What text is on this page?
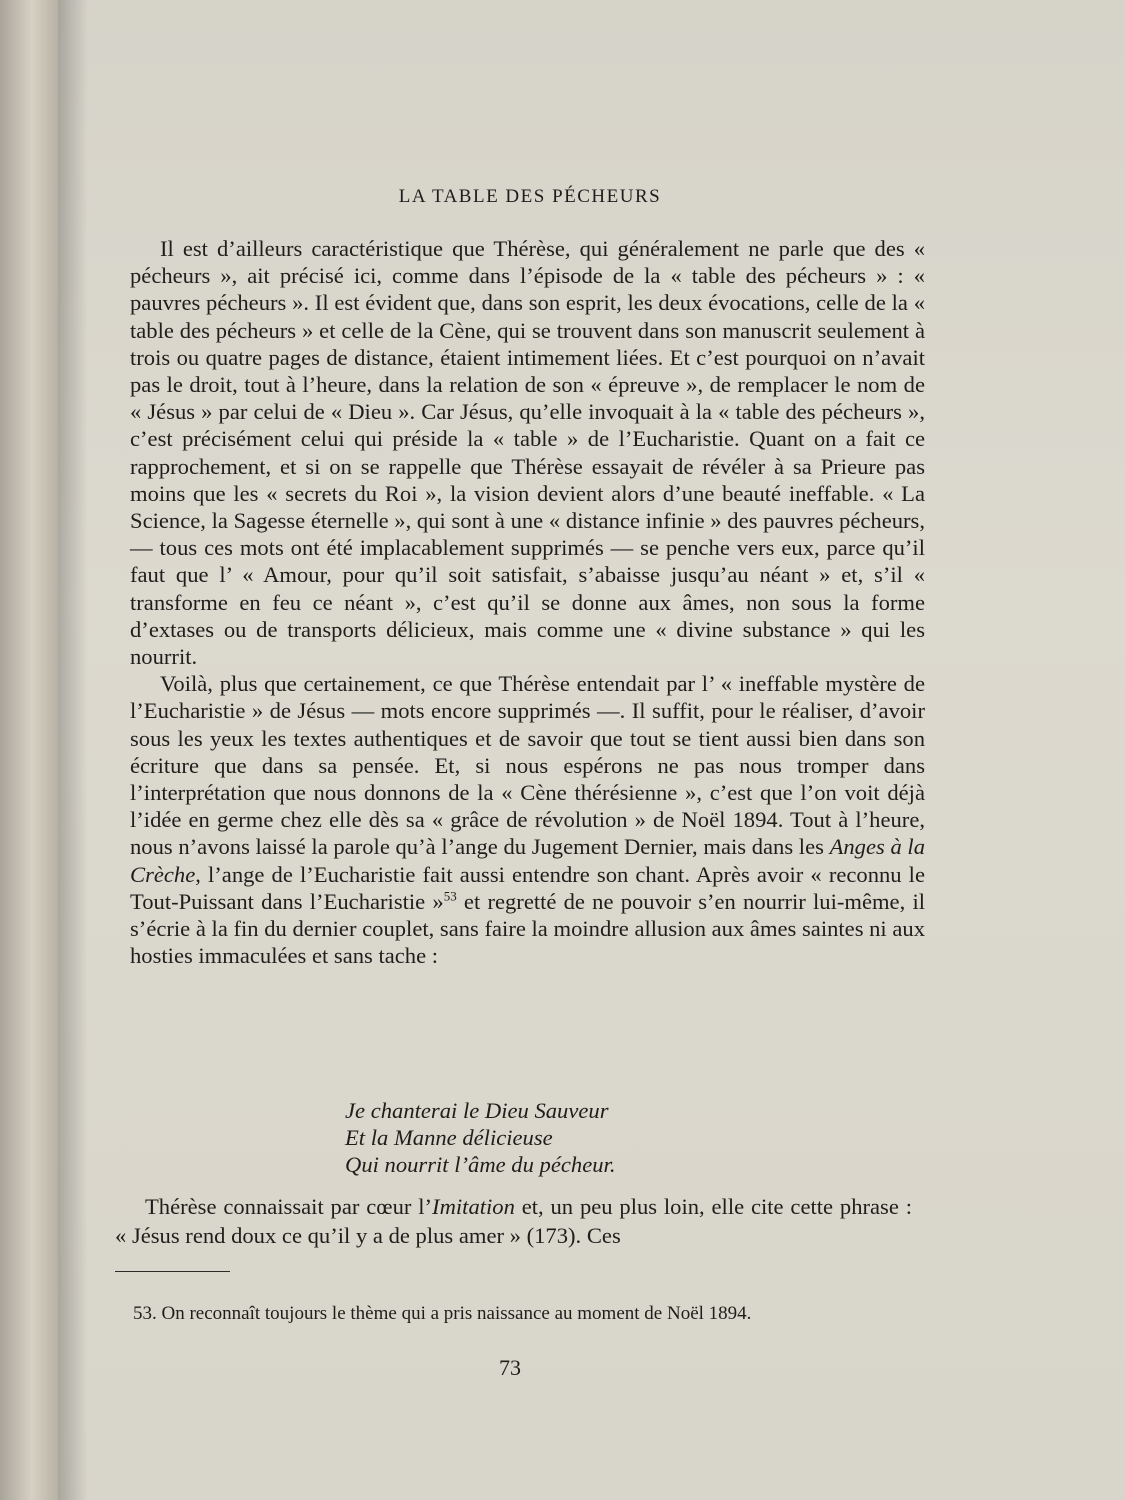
LA TABLE DES PÉCHEURS

Il est d’ailleurs caractéristique que Thérèse, qui généralement ne parle que des « pécheurs », ait précisé ici, comme dans l’épisode de la « table des pécheurs » : « pauvres pécheurs ». Il est évident que, dans son esprit, les deux évocations, celle de la « table des pécheurs » et celle de la Cène, qui se trouvent dans son manuscrit seulement à trois ou quatre pages de distance, étaient intimement liées. Et c’est pourquoi on n’avait pas le droit, tout à l’heure, dans la relation de son « épreuve », de remplacer le nom de « Jésus » par celui de « Dieu ». Car Jésus, qu’elle invoquait à la « table des pécheurs », c’est précisément celui qui préside la « table » de l’Eucharistie. Quant on a fait ce rapprochement, et si on se rappelle que Thérèse essayait de révéler à sa Prieure pas moins que les « secrets du Roi », la vision devient alors d’une beauté ineffable. « La Science, la Sagesse éternelle », qui sont à une « distance infinie » des pauvres pécheurs, — tous ces mots ont été implacablement supprimés — se penche vers eux, parce qu’il faut que l’ « Amour, pour qu’il soit satisfait, s’abaisse jusqu’au néant » et, s’il « transforme en feu ce néant », c’est qu’il se donne aux âmes, non sous la forme d’extases ou de transports délicieux, mais comme une « divine substance » qui les nourrit.

Voilà, plus que certainement, ce que Thérèse entendait par l’ « ineffable mystère de l’Eucharistie » de Jésus — mots encore supprimés —. Il suffit, pour le réaliser, d’avoir sous les yeux les textes authentiques et de savoir que tout se tient aussi bien dans son écriture que dans sa pensée. Et, si nous espérons ne pas nous tromper dans l’interprétation que nous donnons de la « Cène thérésienne », c’est que l’on voit déjà l’idée en germe chez elle dès sa « grâce de révolution » de Noël 1894. Tout à l’heure, nous n’avons laissé la parole qu’à l’ange du Jugement Dernier, mais dans les Anges à la Crèche, l’ange de l’Eucharistie fait aussi entendre son chant. Après avoir « reconnu le Tout-Puissant dans l’Eucharistie »$^{53}$ et regretté de ne pouvoir s’en nourrir lui-même, il s’écrie à la fin du dernier couplet, sans faire la moindre allusion aux âmes saintes ni aux hosties immaculées et sans tache :

Je chanterai le Dieu Sauveur
Et la Manne délicieuse
Qui nourrit l’âme du pécheur.

Thérèse connaissait par cœur l’Imitation et, un peu plus loin, elle cite cette phrase : « Jésus rend doux ce qu’il y a de plus amer » (173). Ces

53. On reconnaît toujours le thème qui a pris naissance au moment de Noël 1894.
73
